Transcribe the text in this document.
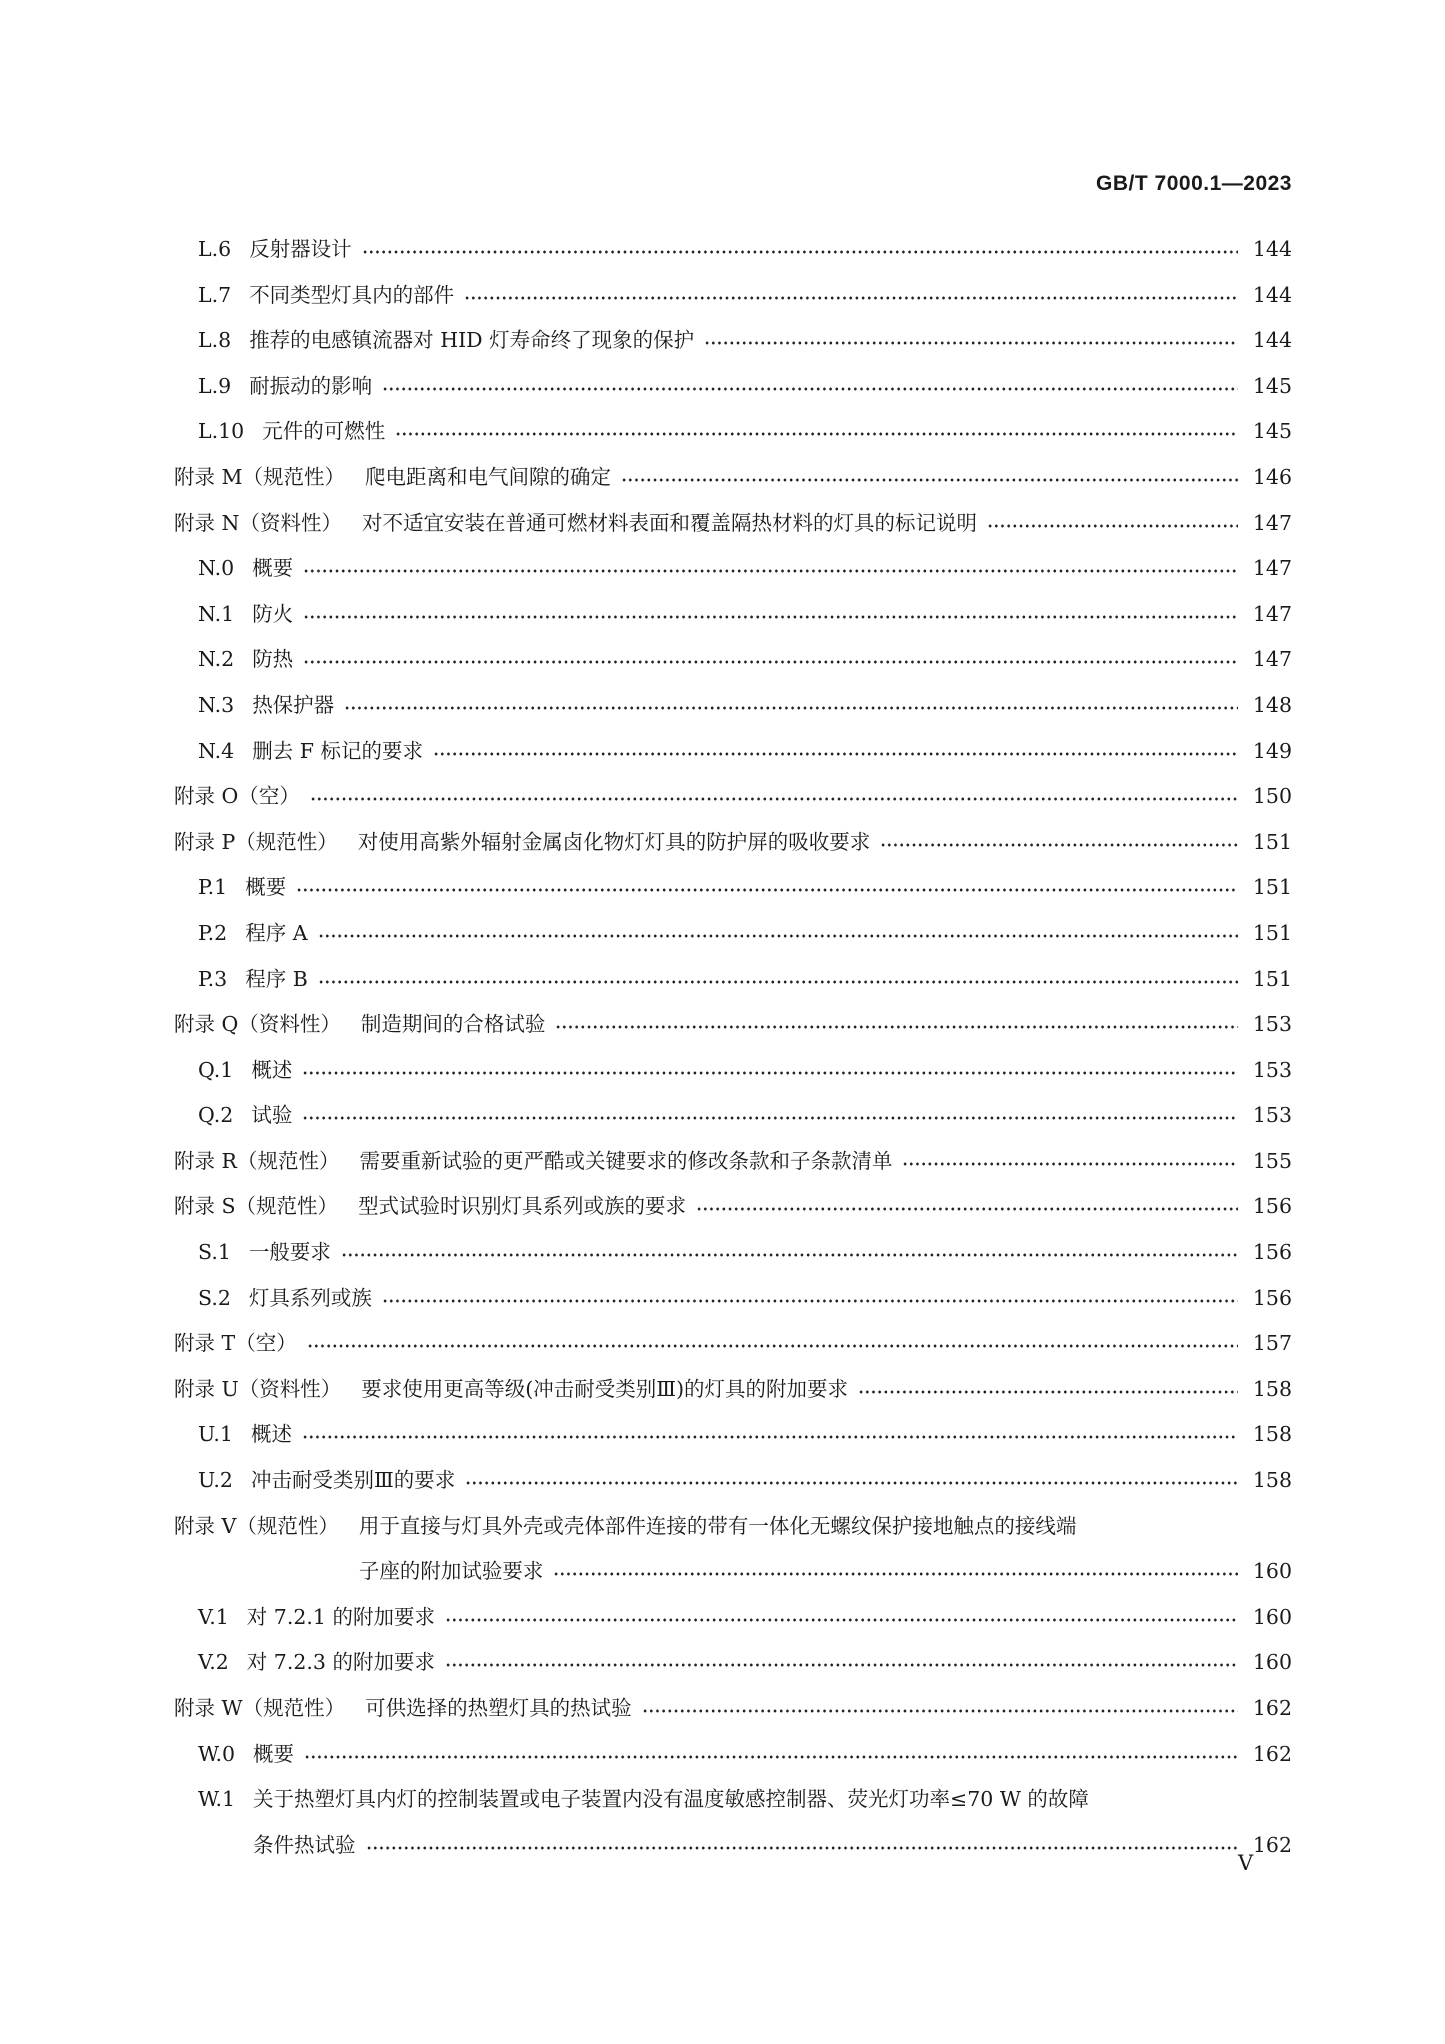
GB/T 7000.1—2023
L.6 反射器设计	144
L.7 不同类型灯具内的部件	144
L.8 推荐的电感镇流器对 HID 灯寿命终了现象的保护	144
L.9 耐振动的影响	145
L.10 元件的可燃性	145
附录 M（规范性） 爬电距离和电气间隙的确定	146
附录 N（资料性） 对不适宜安装在普通可燃材料表面和覆盖隔热材料的灯具的标记说明	147
N.0 概要	147
N.1 防火	147
N.2 防热	147
N.3 热保护器	148
N.4 删去 F 标记的要求	149
附录 O（空）	150
附录 P（规范性） 对使用高紫外辐射金属卤化物灯灯具的防护屏的吸收要求	151
P.1 概要	151
P.2 程序 A	151
P.3 程序 B	151
附录 Q（资料性） 制造期间的合格试验	153
Q.1 概述	153
Q.2 试验	153
附录 R（规范性） 需要重新试验的更严酷或关键要求的修改条款和子条款清单	155
附录 S（规范性） 型式试验时识别灯具系列或族的要求	156
S.1 一般要求	156
S.2 灯具系列或族	156
附录 T（空）	157
附录 U（资料性） 要求使用更高等级(冲击耐受类别Ⅲ)的灯具的附加要求	158
U.1 概述	158
U.2 冲击耐受类别Ⅲ的要求	158
附录 V（规范性） 用于直接与灯具外壳或壳体部件连接的带有一体化无螺纹保护接地触点的接线端
子座的附加试验要求	160
V.1 对 7.2.1 的附加要求	160
V.2 对 7.2.3 的附加要求	160
附录 W（规范性） 可供选择的热塑灯具的热试验	162
W.0 概要	162
W.1 关于热塑灯具内灯的控制装置或电子装置内没有温度敏感控制器、荧光灯功率≤70 W 的故障
条件热试验	162
V
